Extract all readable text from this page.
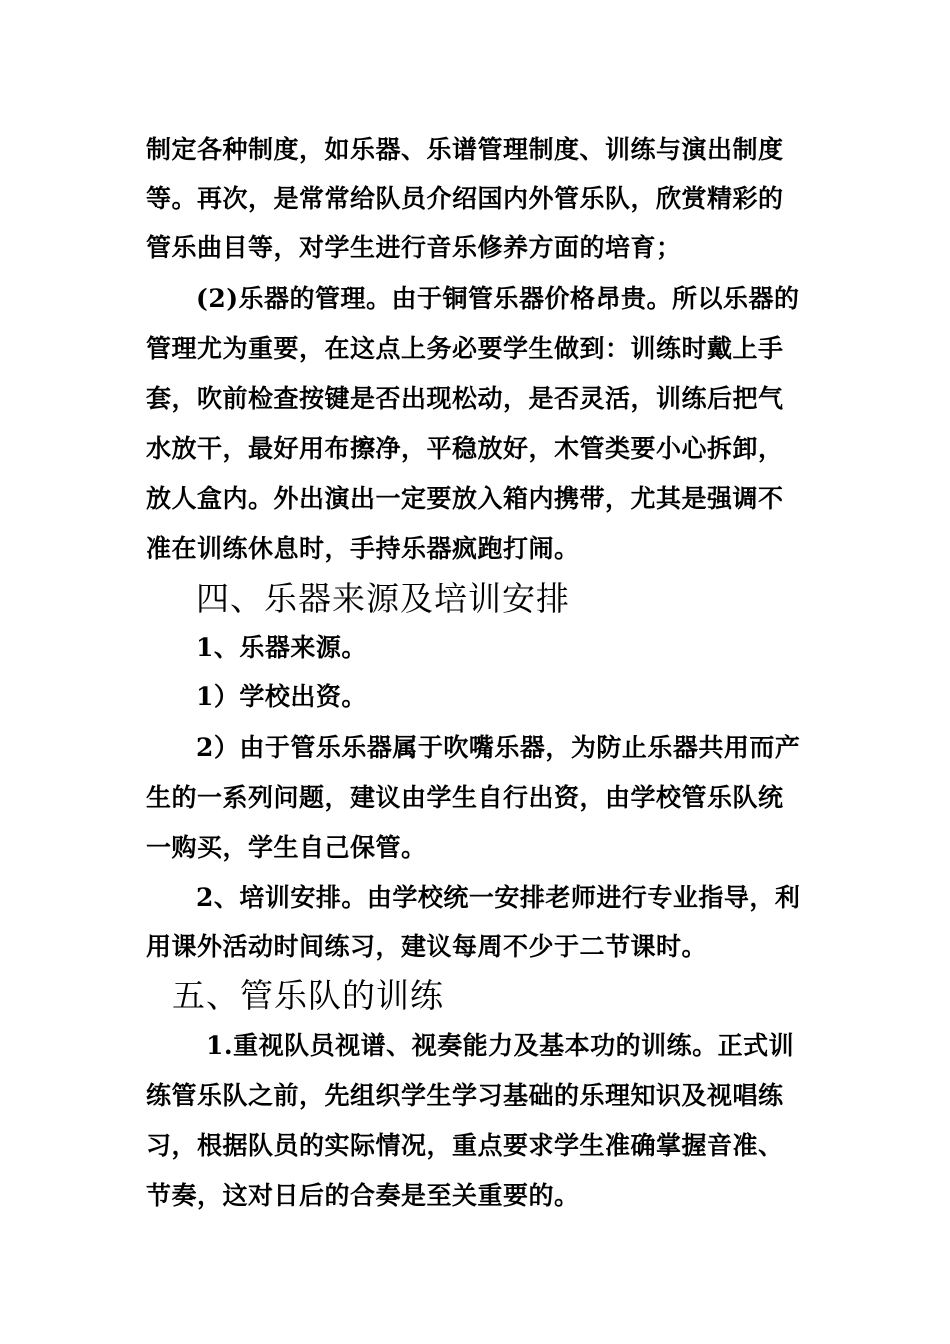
制定各种制度，如乐器、乐谱管理制度、训练与演出制度
等。再次，是常常给队员介绍国内外管乐队，欣赏精彩的
管乐曲目等，对学生进行音乐修养方面的培育；
(2)乐器的管理。由于铜管乐器价格昂贵。所以乐器的
管理尤为重要，在这点上务必要学生做到：训练时戴上手
套，吹前检查按键是否出现松动，是否灵活，训练后把气
水放干，最好用布擦净，平稳放好，木管类要小心拆卸，
放人盒内。外出演出一定要放入箱内携带，尤其是强调不
准在训练休息时，手持乐器疯跑打闹。
四、乐器来源及培训安排
1、乐器来源。
1）学校出资。
2）由于管乐乐器属于吹嘴乐器，为防止乐器共用而产
生的一系列问题，建议由学生自行出资，由学校管乐队统
一购买，学生自己保管。
2、培训安排。由学校统一安排老师进行专业指导，利
用课外活动时间练习，建议每周不少于二节课时。
五、管乐队的训练
1.重视队员视谱、视奏能力及基本功的训练。正式训
练管乐队之前，先组织学生学习基础的乐理知识及视唱练
习，根据队员的实际情况，重点要求学生准确掌握音准、
节奏，这对日后的合奏是至关重要的。
